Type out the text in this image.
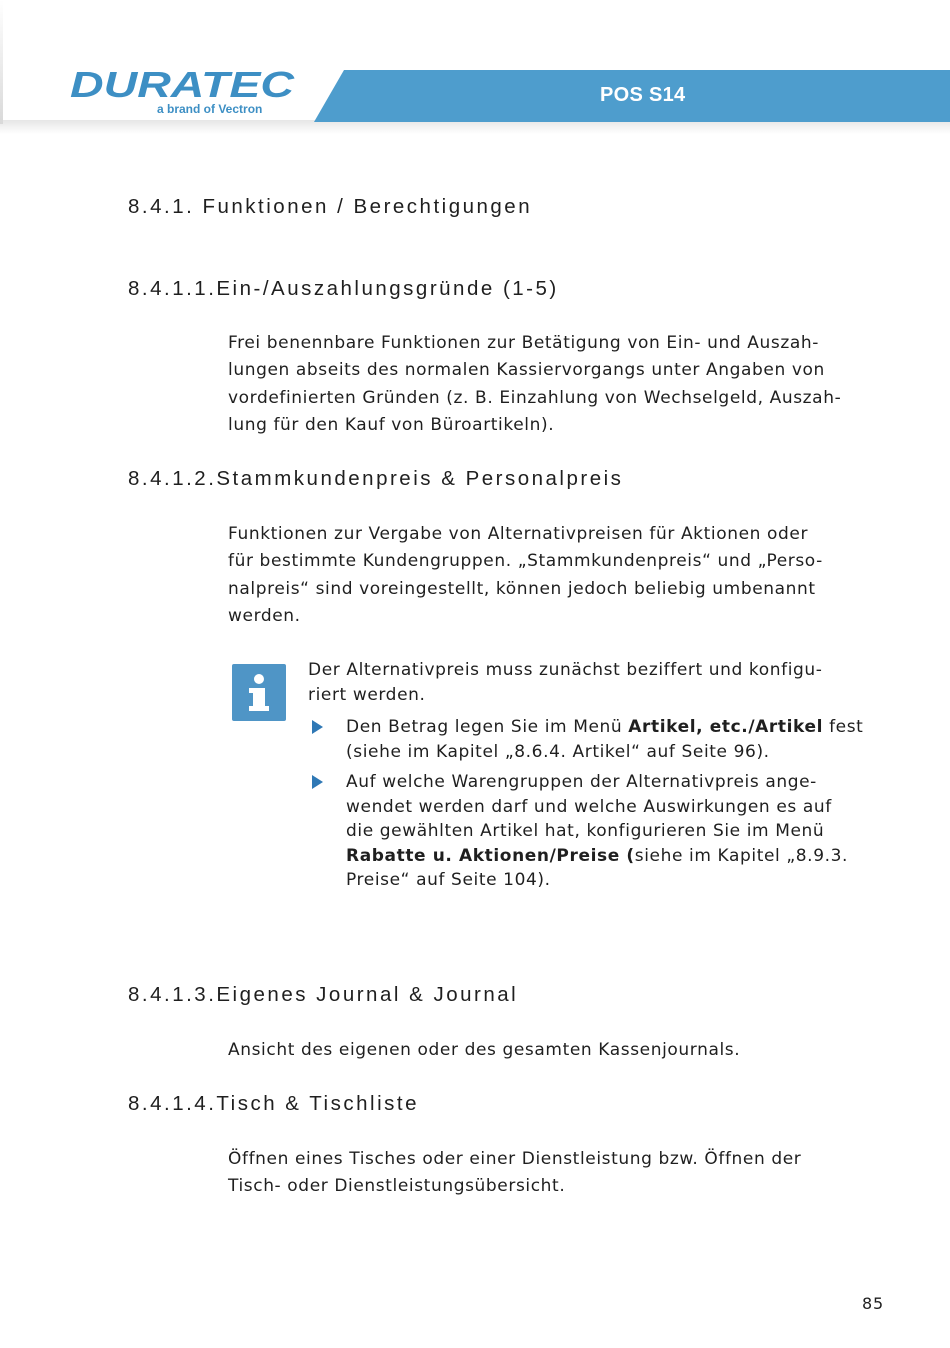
POS S14
DURATEC
a brand of Vectron
8.4.1. Funktionen / Berechtigungen
8.4.1.1.Ein-/Auszahlungsgründe (1-5)
Frei benennbare Funktionen zur Betätigung von Ein- und Auszah-
lungen abseits des normalen Kassiervorgangs unter Angaben von
vordefinierten Gründen (z. B. Einzahlung von Wechselgeld, Auszah-
lung für den Kauf von Büroartikeln).
8.4.1.2.Stammkundenpreis & Personalpreis
Funktionen zur Vergabe von Alternativpreisen für Aktionen oder
für bestimmte Kundengruppen. „Stammkundenpreis“ und „Perso-
nalpreis“ sind voreingestellt, können jedoch beliebig umbenannt
werden.
Der Alternativpreis muss zunächst beziffert und konfigu-
riert werden.
Den Betrag legen Sie im Menü Artikel, etc./Artikel fest
(siehe im Kapitel „8.6.4. Artikel“ auf Seite 96).
Auf welche Warengruppen der Alternativpreis ange-
wendet werden darf und welche Auswirkungen es auf
die gewählten Artikel hat, konfigurieren Sie im Menü
Rabatte u. Aktionen/Preise (siehe im Kapitel „8.9.3.
Preise“ auf Seite 104).
8.4.1.3.Eigenes Journal & Journal
Ansicht des eigenen oder des gesamten Kassenjournals.
8.4.1.4.Tisch & Tischliste
Öffnen eines Tisches oder einer Dienstleistung bzw. Öffnen der
Tisch- oder Dienstleistungsübersicht.
85
